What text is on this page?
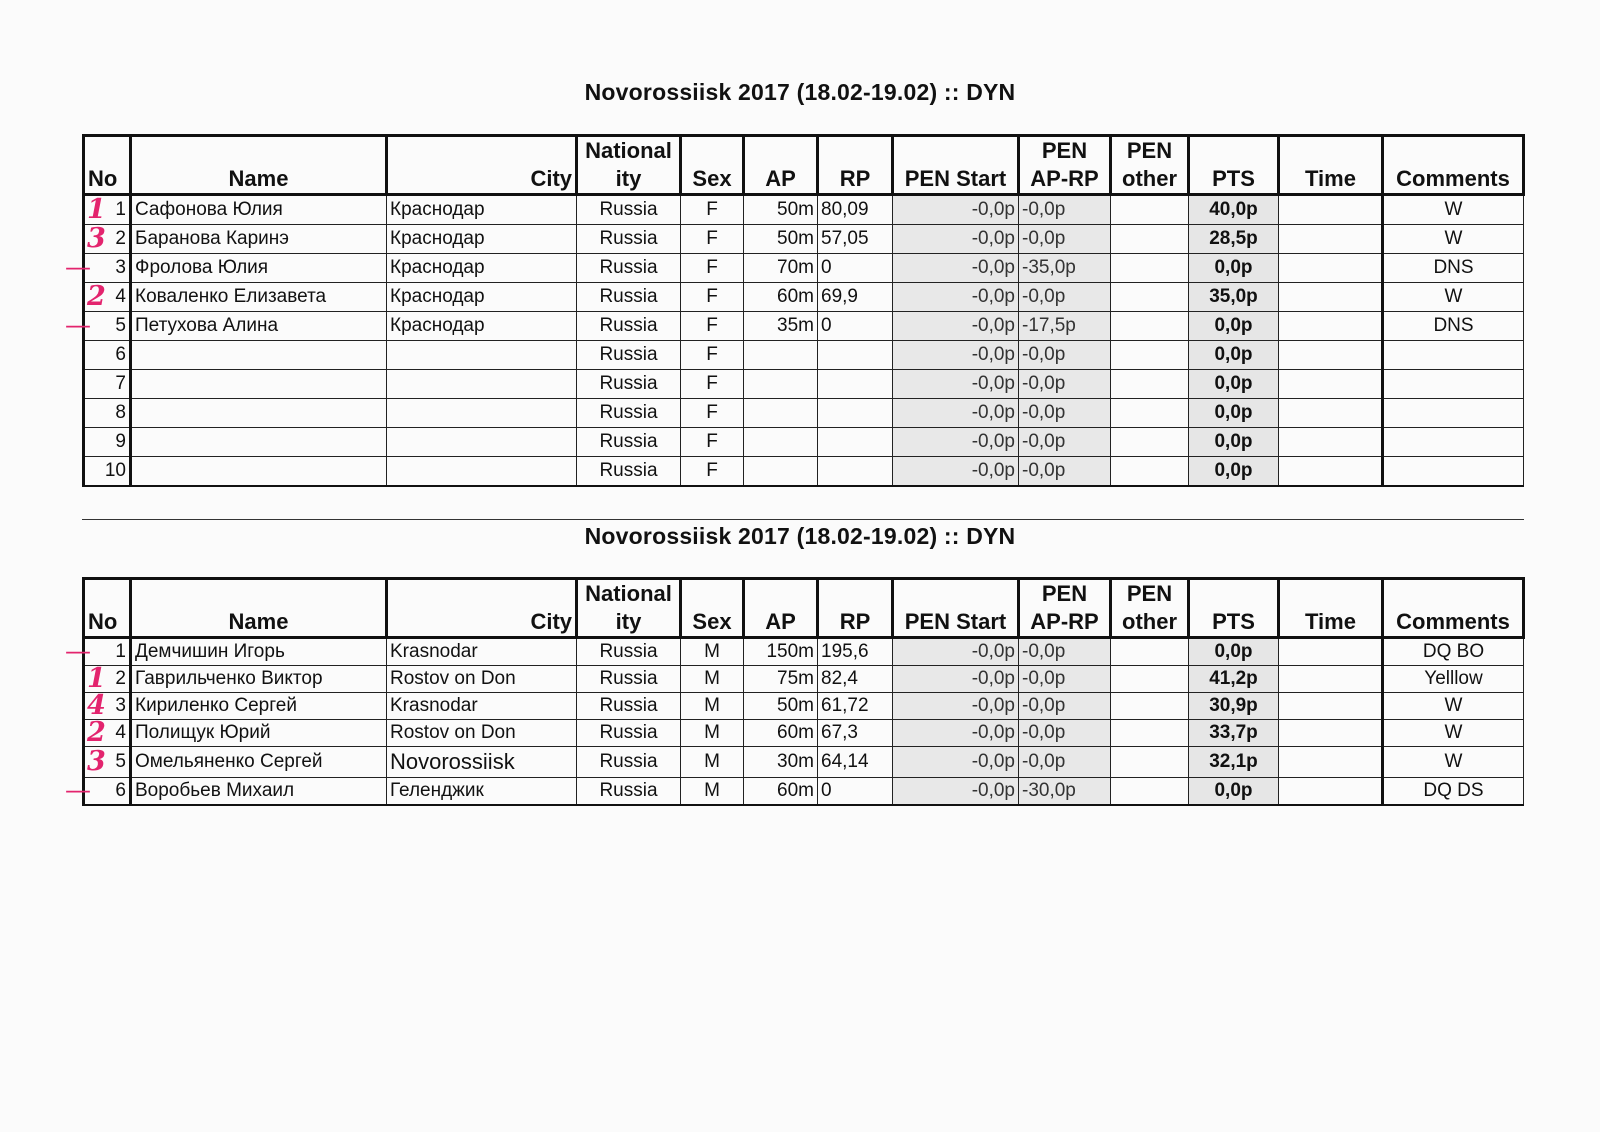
Novorossiisk 2017 (18.02-19.02) :: DYN
No	Name	City	National ity	Sex	AP	RP	PEN Start	PEN AP-RP	PEN other	PTS	Time	Comments

1 1	Сафонова Юлия	Краснодар	Russia	F	50m	80,09	-0,0p	-0,0p		40,0p		W

3 2	Баранова Каринэ	Краснодар	Russia	F	50m	57,05	-0,0p	-0,0p		28,5p		W

— 3	Фролова Юлия	Краснодар	Russia	F	70m	0	-0,0p	-35,0p		0,0p		DNS

2 4	Коваленко Елизавета	Краснодар	Russia	F	60m	69,9	-0,0p	-0,0p		35,0p		W

— 5	Петухова Алина	Краснодар	Russia	F	35m	0	-0,0p	-17,5p		0,0p		DNS
6			Russia	F			-0,0p	-0,0p		0,0p		
7			Russia	F			-0,0p	-0,0p		0,0p		
8			Russia	F			-0,0p	-0,0p		0,0p		
9			Russia	F			-0,0p	-0,0p		0,0p		
10			Russia	F			-0,0p	-0,0p		0,0p		
Novorossiisk 2017 (18.02-19.02) :: DYN
No	Name	City	National ity	Sex	AP	RP	PEN Start	PEN AP-RP	PEN other	PTS	Time	Comments

— 1	Демчишин Игорь	Krasnodar	Russia	M	150m	195,6	-0,0p	-0,0p		0,0p		DQ BO

1 2	Гаврильченко Виктор	Rostov on Don	Russia	M	75m	82,4	-0,0p	-0,0p		41,2p		Yelllow

4 3	Кириленко Сергей	Krasnodar	Russia	M	50m	61,72	-0,0p	-0,0p		30,9p		W

2 4	Полищук Юрий	Rostov on Don	Russia	M	60m	67,3	-0,0p	-0,0p		33,7p		W

3 5	Омельяненко Сергей	Novorossiisk	Russia	M	30m	64,14	-0,0p	-0,0p		32,1p		W

— 6	Воробьев Михаил	Геленджик	Russia	M	60m	0	-0,0p	-30,0p		0,0p		DQ DS
